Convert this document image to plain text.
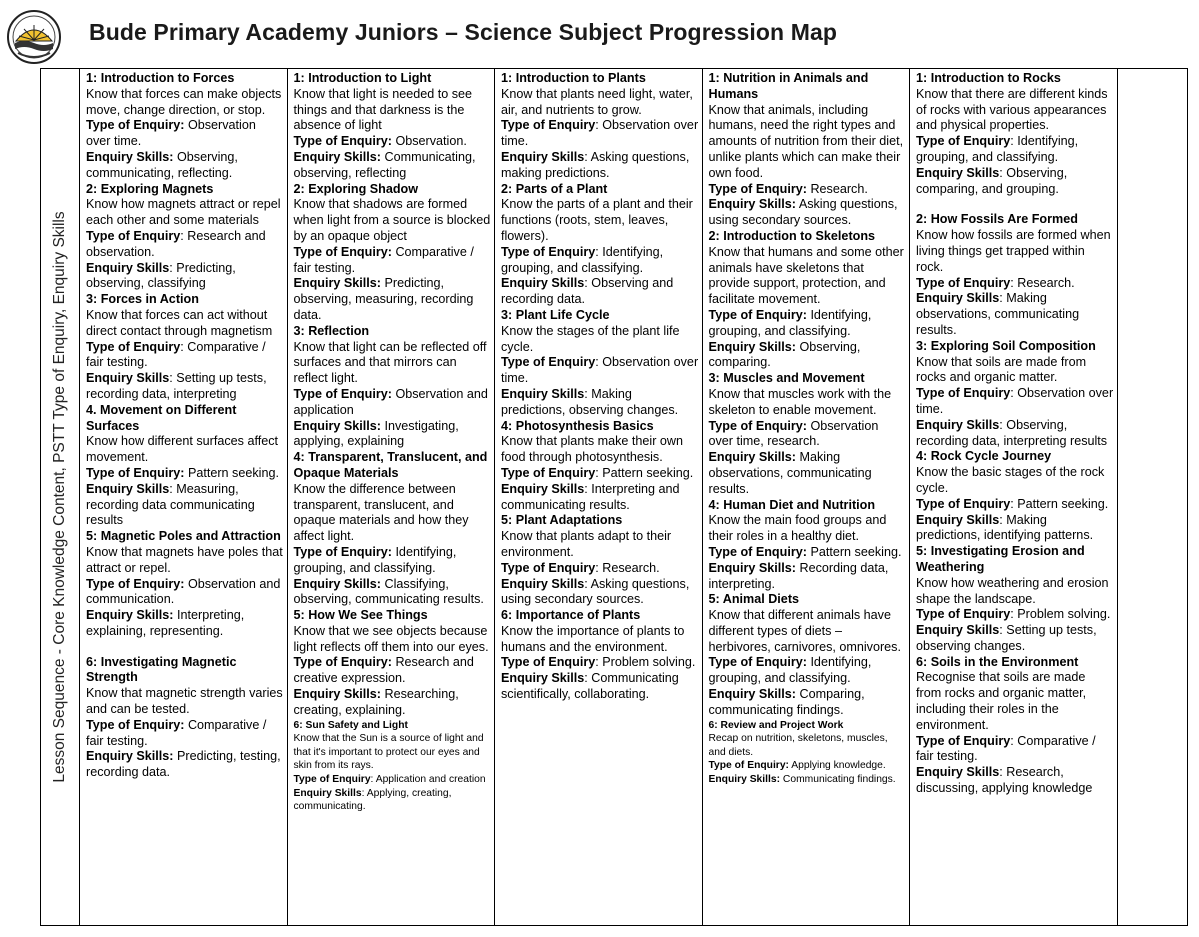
Bude Primary Academy Juniors – Science Subject Progression Map
Lesson Sequence - Core Knowledge Content, PSTT Type of Enquiry, Enquiry Skills

1: Introduction to Forces

Know that forces can make objects move, change direction, or stop.

Type of Enquiry: Observation over time.

Enquiry Skills: Observing, communicating, reflecting.

2: Exploring Magnets

Know how magnets attract or repel each other and some materials

Type of Enquiry: Research and observation.

Enquiry Skills: Predicting, observing, classifying

3: Forces in Action

Know that forces can act without direct contact through magnetism

Type of Enquiry: Comparative / fair testing.

Enquiry Skills: Setting up tests, recording data, interpreting

4. Movement on Different Surfaces

Know how different surfaces affect movement.

Type of Enquiry: Pattern seeking.

Enquiry Skills: Measuring, recording data communicating results

5: Magnetic Poles and Attraction

Know that magnets have poles that attract or repel.

Type of Enquiry: Observation and communication.

Enquiry Skills: Interpreting, explaining, representing.

6: Investigating Magnetic Strength

Know that magnetic strength varies and can be tested.

Type of Enquiry: Comparative / fair testing.

Enquiry Skills: Predicting, testing, recording data.

1: Introduction to Light

Know that light is needed to see things and that darkness is the absence of light

Type of Enquiry: Observation.

Enquiry Skills: Communicating, observing, reflecting

2: Exploring Shadow

Know that shadows are formed when light from a source is blocked by an opaque object

Type of Enquiry: Comparative / fair testing.

Enquiry Skills: Predicting, observing, measuring, recording data.

3: Reflection

Know that light can be reflected off surfaces and that mirrors can reflect light.

Type of Enquiry: Observation and application

Enquiry Skills: Investigating, applying, explaining

4: Transparent, Translucent, and Opaque Materials

Know the difference between transparent, translucent, and opaque materials and how they affect light.

Type of Enquiry: Identifying, grouping, and classifying.

Enquiry Skills: Classifying, observing, communicating results.

5: How We See Things

Know that we see objects because light reflects off them into our eyes.

Type of Enquiry: Research and creative expression.

Enquiry Skills: Researching, creating, explaining.

6: Sun Safety and Light

Know that the Sun is a source of light and that it's important to protect our eyes and skin from its rays.

Type of Enquiry: Application and creation

Enquiry Skills: Applying, creating, communicating.

1: Introduction to Plants

Know that plants need light, water, air, and nutrients to grow.

Type of Enquiry: Observation over time.

Enquiry Skills: Asking questions, making predictions.

2: Parts of a Plant

Know the parts of a plant and their functions (roots, stem, leaves, flowers).

Type of Enquiry: Identifying, grouping, and classifying.

Enquiry Skills: Observing and recording data.

3: Plant Life Cycle

Know the stages of the plant life cycle.

Type of Enquiry: Observation over time.

Enquiry Skills: Making predictions, observing changes.

4: Photosynthesis Basics

Know that plants make their own food through photosynthesis.

Type of Enquiry: Pattern seeking.

Enquiry Skills: Interpreting and communicating results.

5: Plant Adaptations

Know that plants adapt to their environment.

Type of Enquiry: Research.

Enquiry Skills: Asking questions, using secondary sources.

6: Importance of Plants

Know the importance of plants to humans and the environment.

Type of Enquiry: Problem solving.

Enquiry Skills: Communicating scientifically, collaborating.

1: Nutrition in Animals and Humans

Know that animals, including humans, need the right types and amounts of nutrition from their diet, unlike plants which can make their own food.

Type of Enquiry: Research.

Enquiry Skills: Asking questions, using secondary sources.

2: Introduction to Skeletons

Know that humans and some other animals have skeletons that provide support, protection, and facilitate movement.

Type of Enquiry: Identifying, grouping, and classifying.

Enquiry Skills: Observing, comparing.

3: Muscles and Movement

Know that muscles work with the skeleton to enable movement.

Type of Enquiry: Observation over time, research.

Enquiry Skills: Making observations, communicating results.

4: Human Diet and Nutrition

Know the main food groups and their roles in a healthy diet.

Type of Enquiry: Pattern seeking.

Enquiry Skills: Recording data, interpreting.

5: Animal Diets

Know that different animals have different types of diets – herbivores, carnivores, omnivores.

Type of Enquiry: Identifying, grouping, and classifying.

Enquiry Skills: Comparing, communicating findings.

6: Review and Project Work

Recap on nutrition, skeletons, muscles, and diets.

Type of Enquiry: Applying knowledge.

Enquiry Skills: Communicating findings.

1: Introduction to Rocks

Know that there are different kinds of rocks with various appearances and physical properties.

Type of Enquiry: Identifying, grouping, and classifying.

Enquiry Skills: Observing, comparing, and grouping.

2: How Fossils Are Formed

Know how fossils are formed when living things get trapped within rock.

Type of Enquiry: Research.

Enquiry Skills: Making observations, communicating results.

3: Exploring Soil Composition

Know that soils are made from rocks and organic matter.

Type of Enquiry: Observation over time.

Enquiry Skills: Observing, recording data, interpreting results

4: Rock Cycle Journey

Know the basic stages of the rock cycle.

Type of Enquiry: Pattern seeking.

Enquiry Skills: Making predictions, identifying patterns.

5: Investigating Erosion and Weathering

Know how weathering and erosion shape the landscape.

Type of Enquiry: Problem solving.

Enquiry Skills: Setting up tests, observing changes.

6: Soils in the Environment

Recognise that soils are made from rocks and organic matter, including their roles in the environment.

Type of Enquiry: Comparative / fair testing.

Enquiry Skills: Research, discussing, applying knowledge
